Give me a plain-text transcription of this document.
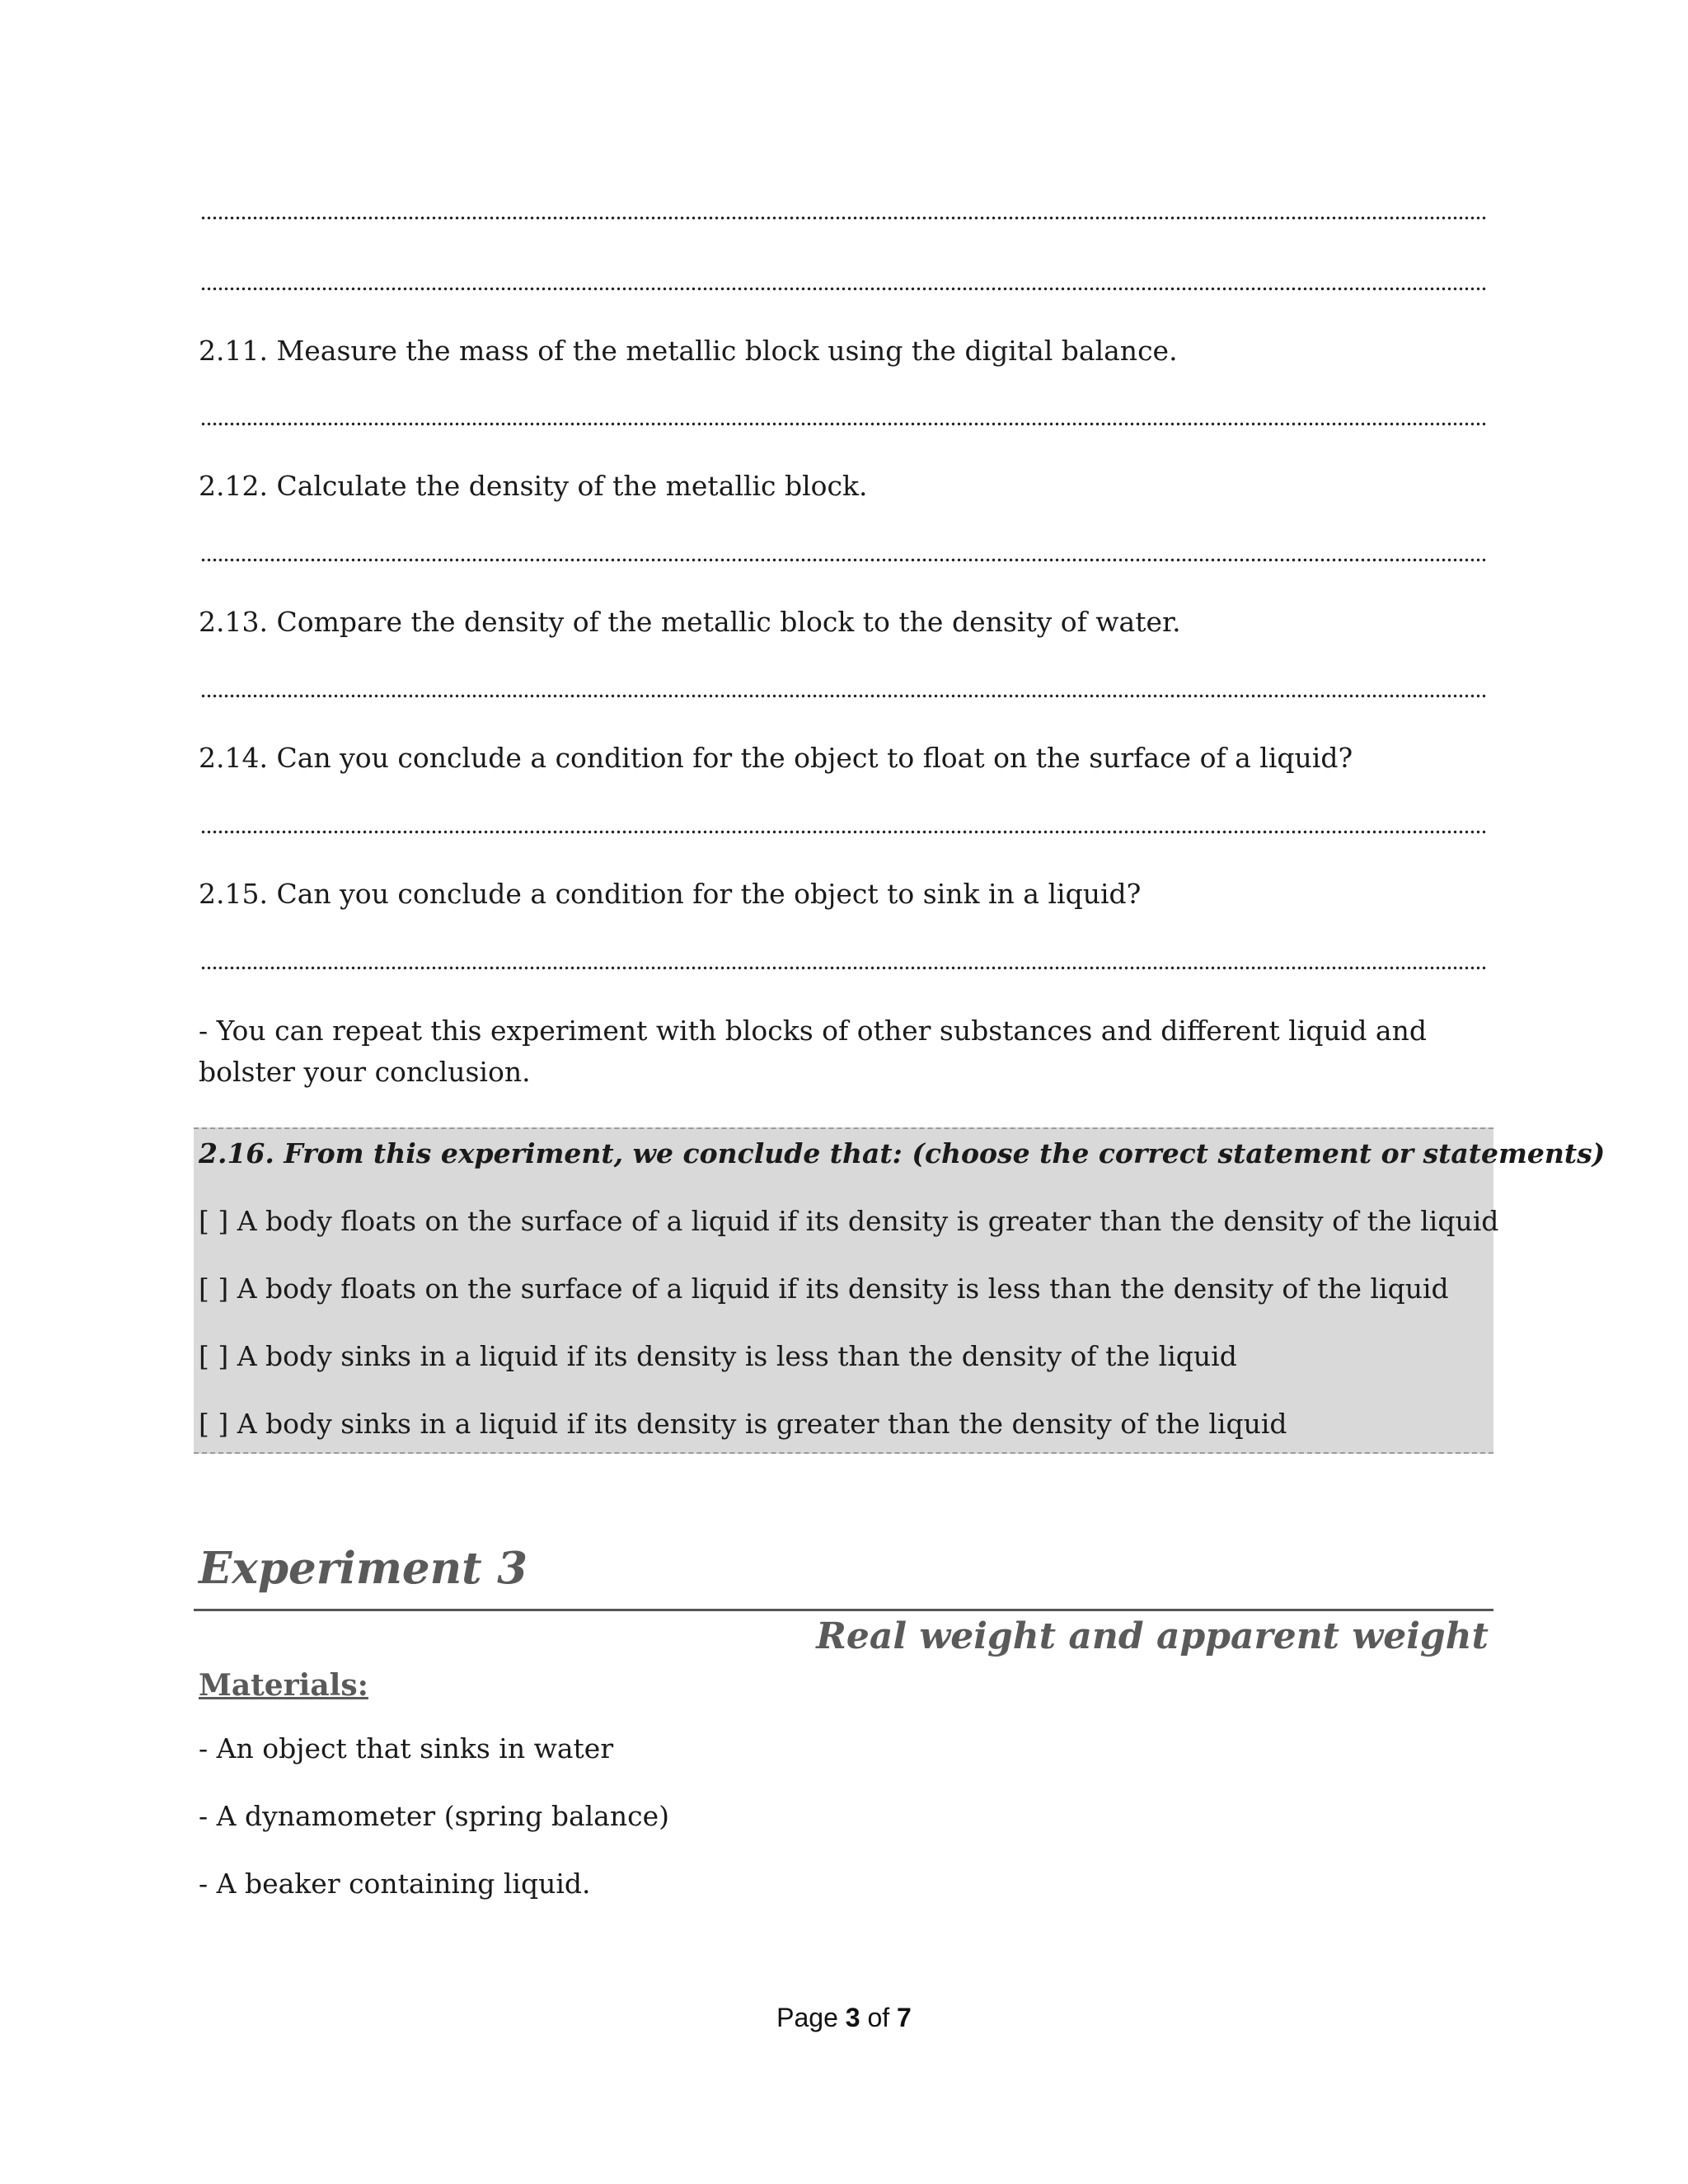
2.11. Measure the mass of the metallic block using the digital balance.
2.12. Calculate the density of the metallic block.
2.13. Compare the density of the metallic block to the density of water.
2.14. Can you conclude a condition for the object to float on the surface of a liquid?
2.15. Can you conclude a condition for the object to sink in a liquid?
- You can repeat this experiment with blocks of other substances and different liquid and bolster your conclusion.
2.16. From this experiment, we conclude that: (choose the correct statement or statements)
[ ] A body floats on the surface of a liquid if its density is greater than the density of the liquid
[ ] A body floats on the surface of a liquid if its density is less than the density of the liquid
[ ] A body sinks in a liquid if its density is less than the density of the liquid
[ ] A body sinks in a liquid if its density is greater than the density of the liquid
Experiment 3
Real weight and apparent weight
Materials:
- An object that sinks in water
- A dynamometer (spring balance)
- A beaker containing liquid.
Page 3 of 7
